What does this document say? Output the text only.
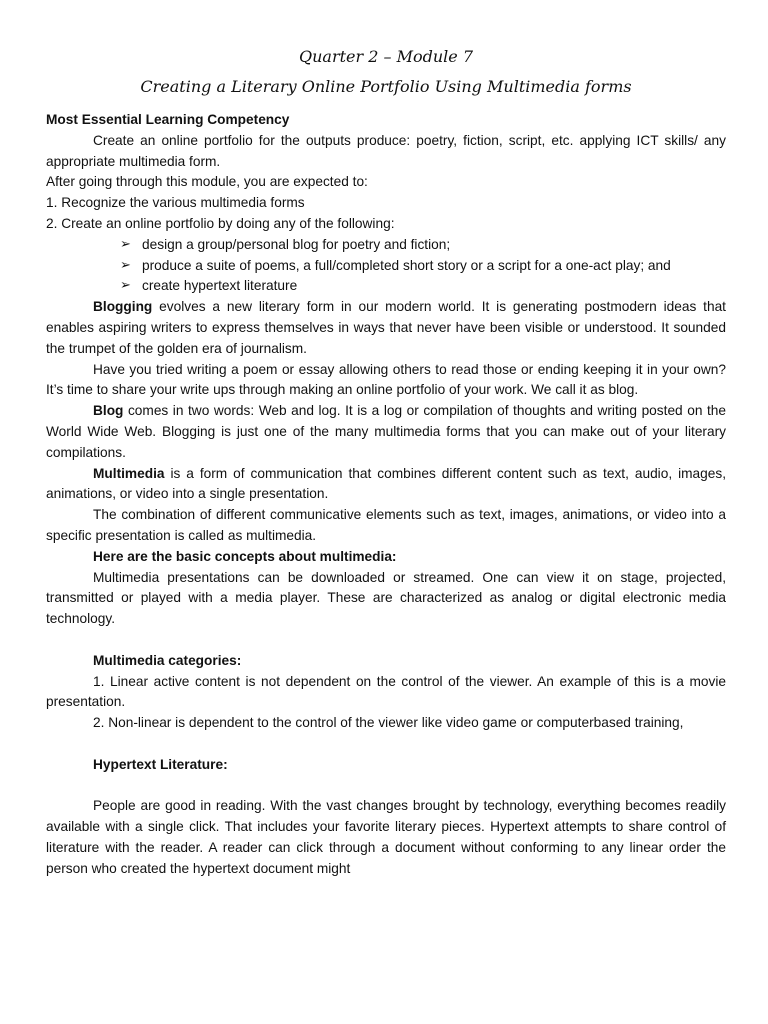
Quarter 2 – Module 7

Creating a Literary Online Portfolio Using Multimedia forms

Most Essential Learning Competency

Create an online portfolio for the outputs produce: poetry, fiction, script, etc. applying ICT skills/ any appropriate multimedia form.

After going through this module, you are expected to:

1. Recognize the various multimedia forms

2. Create an online portfolio by doing any of the following:

➢ design a group/personal blog for poetry and fiction;
➢ produce a suite of poems, a full/completed short story or a script for a one-act play; and
➢ create hypertext literature

Blogging evolves a new literary form in our modern world. It is generating postmodern ideas that enables aspiring writers to express themselves in ways that never have been visible or understood. It sounded the trumpet of the golden era of journalism.

Have you tried writing a poem or essay allowing others to read those or ending keeping it in your own? It’s time to share your write ups through making an online portfolio of your work. We call it as blog.

Blog comes in two words: Web and log. It is a log or compilation of thoughts and writing posted on the World Wide Web. Blogging is just one of the many multimedia forms that you can make out of your literary compilations.

Multimedia is a form of communication that combines different content such as text, audio, images, animations, or video into a single presentation.

The combination of different communicative elements such as text, images, animations, or video into a specific presentation is called as multimedia.

Here are the basic concepts about multimedia:

Multimedia presentations can be downloaded or streamed. One can view it on stage, projected, transmitted or played with a media player. These are characterized as analog or digital electronic media technology.

Multimedia categories:

1. Linear active content is not dependent on the control of the viewer. An example of this is a movie presentation.

2. Non-linear is dependent to the control of the viewer like video game or computerbased training,

Hypertext Literature:

People are good in reading. With the vast changes brought by technology, everything becomes readily available with a single click. That includes your favorite literary pieces. Hypertext attempts to share control of literature with the reader. A reader can click through a document without conforming to any linear order the person who created the hypertext document might
